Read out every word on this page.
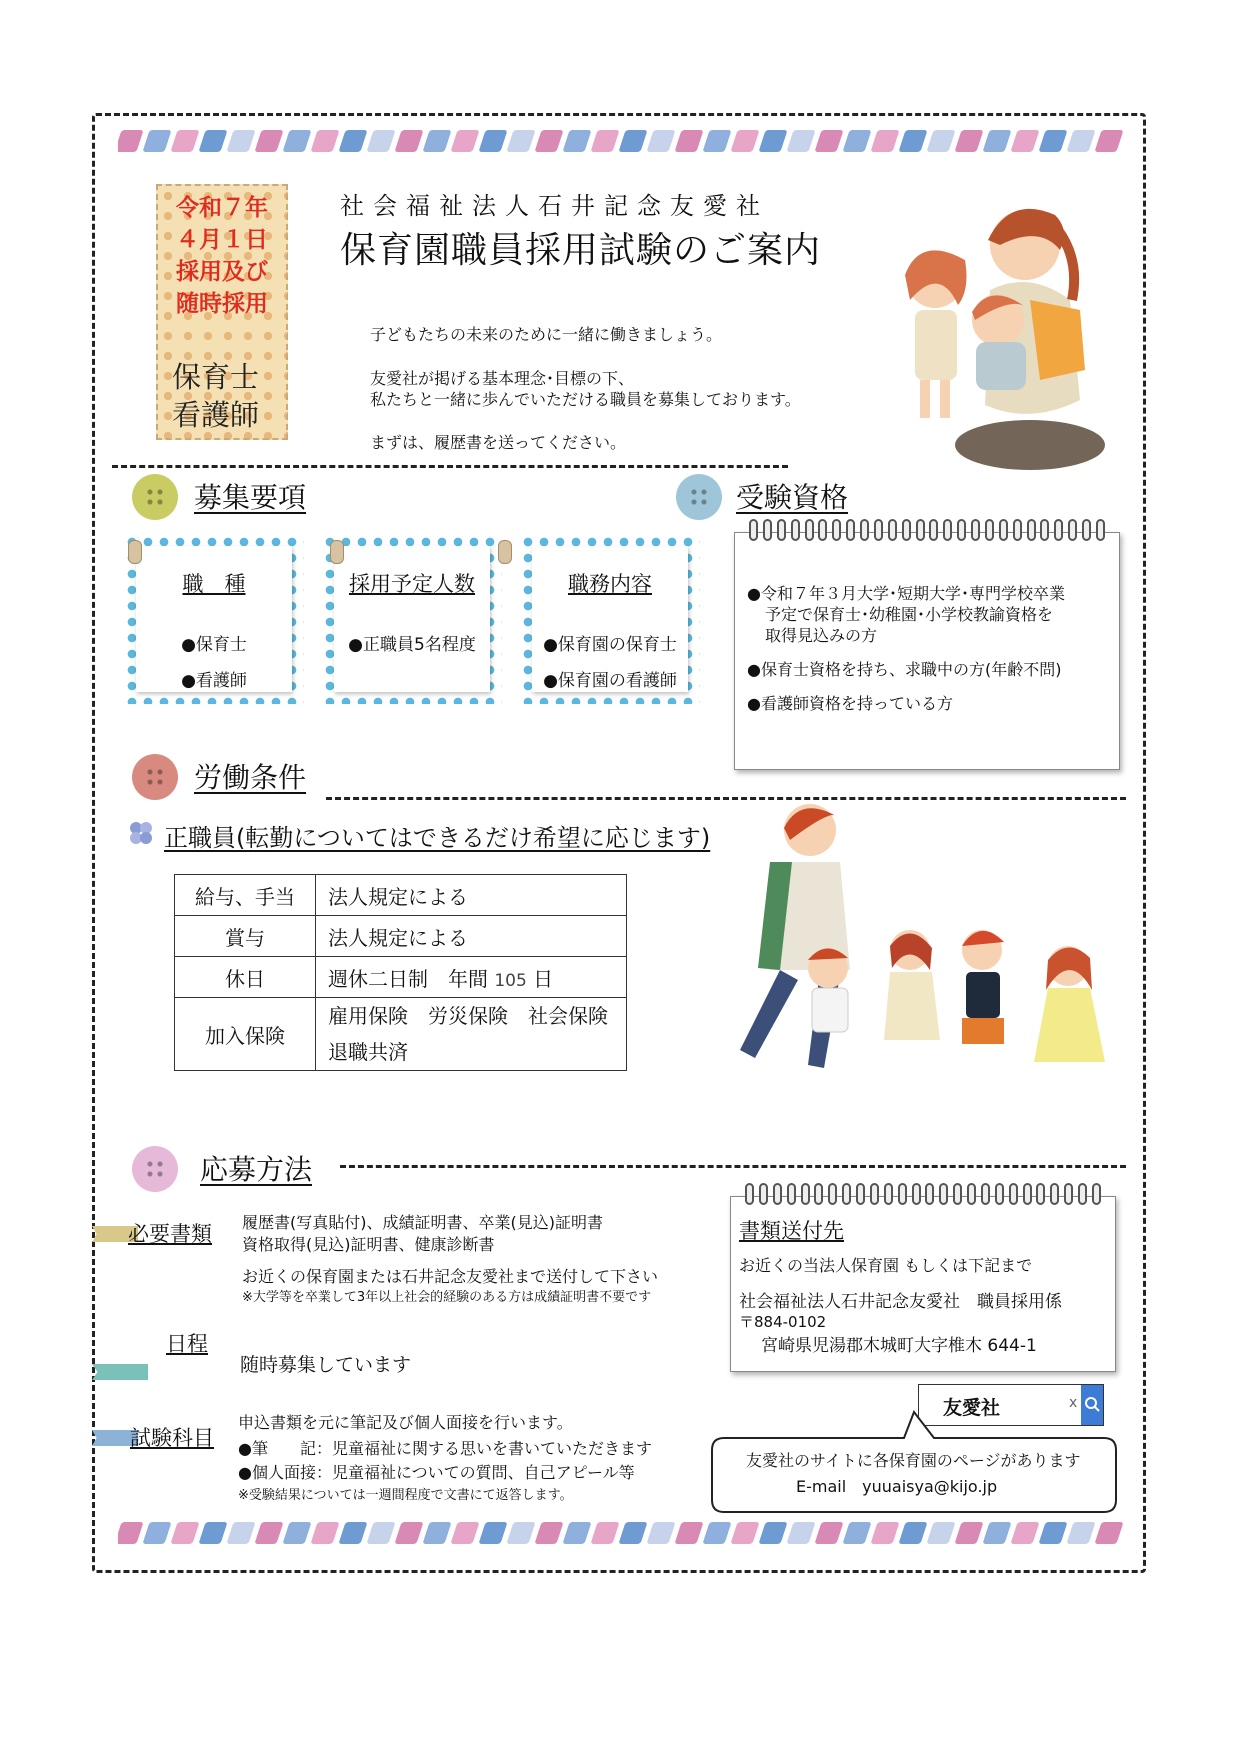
令和７年
４月１日
採用及び
随時採用
保育士
看護師
社会福祉法人石井記念友愛社
保育園職員採用試験のご案内
子どもたちの未来のために一緒に働きましょう。
友愛社が掲げる基本理念･目標の下、
私たちと一緒に歩んでいただける職員を募集しております。
まずは、履歴書を送ってください。
募集要項	受験資格
職　種
●保育士
●看護師
採用予定人数
●正職員5名程度
職務内容
●保育園の保育士
●保育園の看護師
●令和７年３月大学･短期大学･専門学校卒業
予定で保育士･幼稚園･小学校教諭資格を
取得見込みの方
●保育士資格を持ち、求職中の方(年齢不問)
●看護師資格を持っている方
労働条件
正職員(転勤についてはできるだけ希望に応じます)
給与、手当	法人規定による
賞与	法人規定による
休日	週休二日制　年間 105 日
加入保険	雇用保険　労災保険　社会保険
退職共済
応募方法
必要書類 履歴書(写真貼付)、成績証明書、卒業(見込)証明書
資格取得(見込)証明書、健康診断書
お近くの保育園または石井記念友愛社まで送付して下さい
※大学等を卒業して3年以上社会的経験のある方は成績証明書不要です
日程
随時募集しています
試験科目
申込書類を元に筆記及び個人面接を行います。
●筆　　記：児童福祉に関する思いを書いていただきます
●個人面接：児童福祉についての質問、自己アピール等
※受験結果については一週間程度で文書にて返答します。
書類送付先
お近くの当法人保育園 もしくは下記まで
社会福祉法人石井記念友愛社　職員採用係
〒884-0102
宮崎県児湯郡木城町大字椎木 644-1
友愛社	x
友愛社のサイトに各保育園のページがあります
E-mail　yuuaisya@kijo.jp
